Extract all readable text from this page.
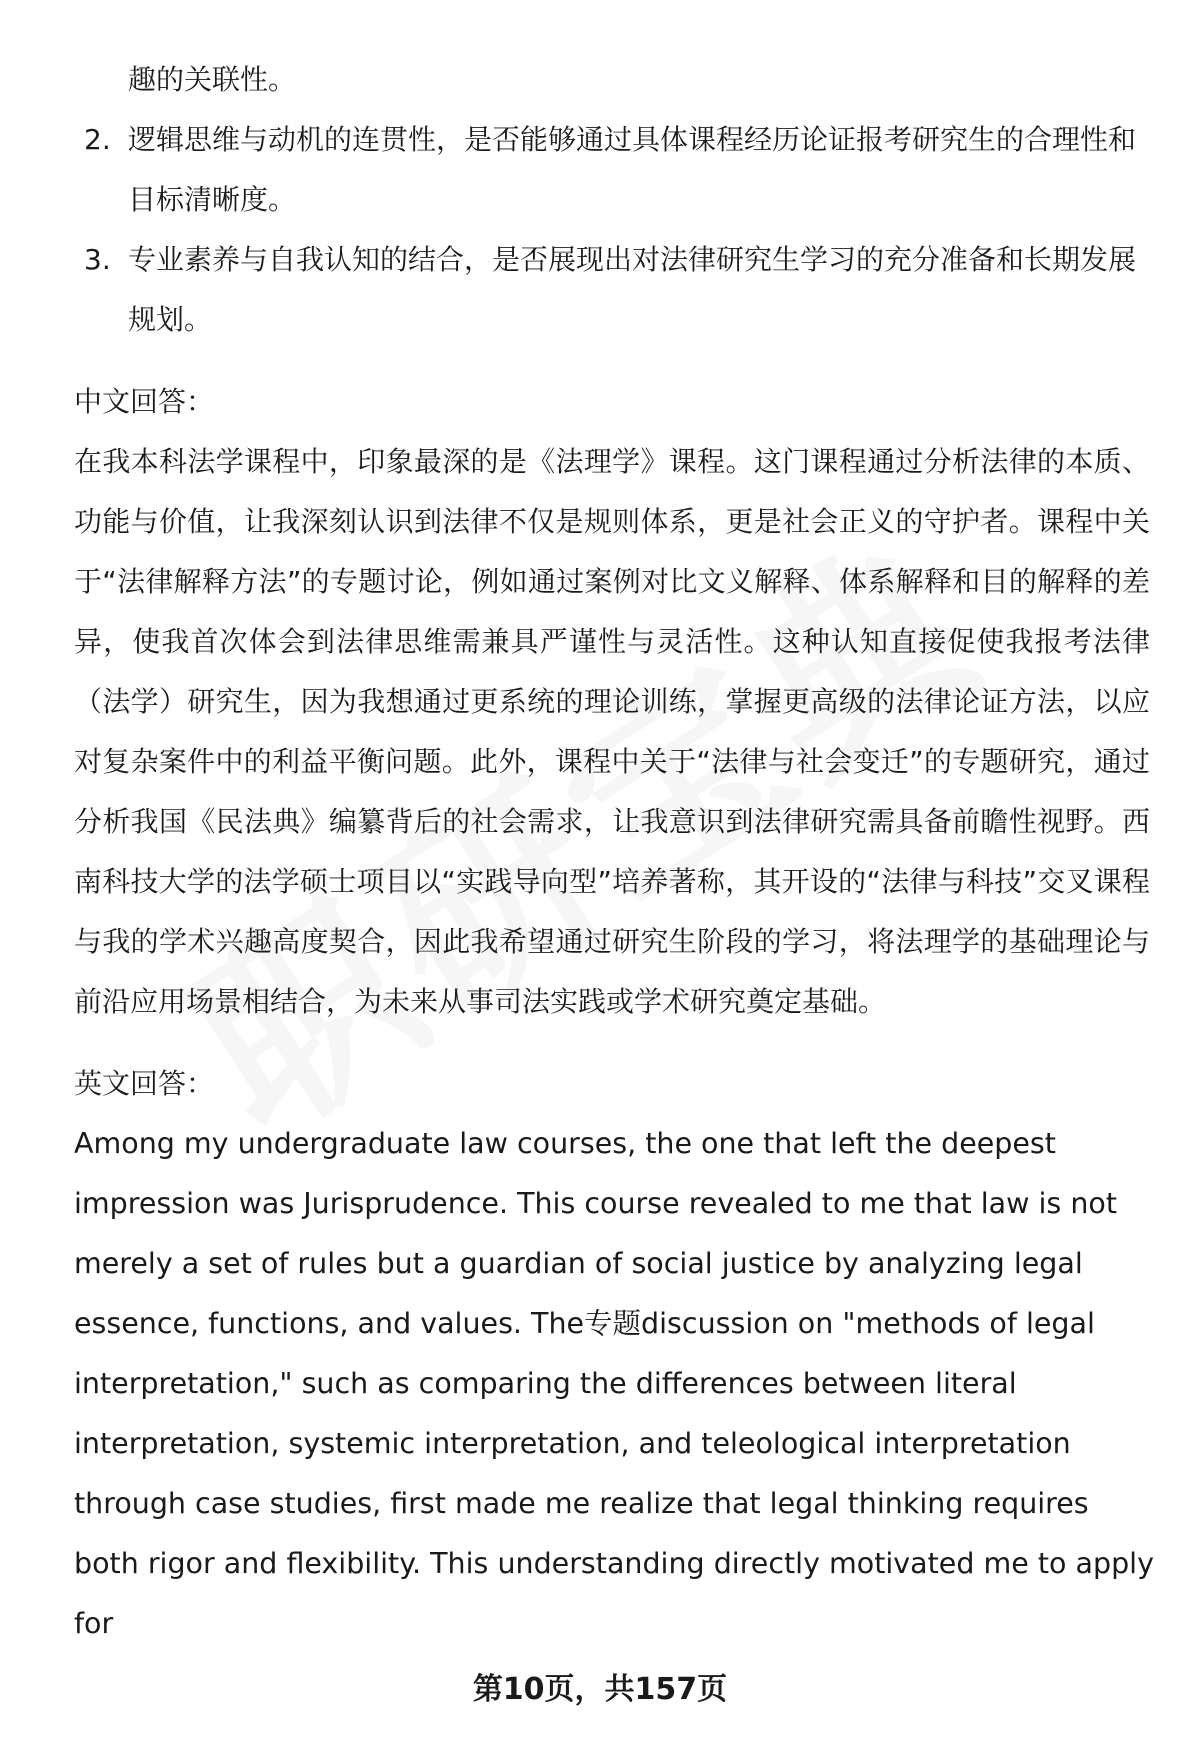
趣的关联性。

2. 逻辑思维与动机的连贯性，是否能够通过具体课程经历论证报考研究生的合理性和目标清晰度。
3. 专业素养与自我认知的结合，是否展现出对法律研究生学习的充分准备和长期发展规划。
中文回答：

在我本科法学课程中，印象最深的是《法理学》课程。这门课程通过分析法律的本质、功能与价值，让我深刻认识到法律不仅是规则体系，更是社会正义的守护者。课程中关于“法律解释方法”的专题讨论，例如通过案例对比文义解释、体系解释和目的解释的差异，使我首次体会到法律思维需兼具严谨性与灵活性。这种认知直接促使我报考法律（法学）研究生，因为我想通过更系统的理论训练，掌握更高级的法律论证方法，以应对复杂案件中的利益平衡问题。此外，课程中关于“法律与社会变迁”的专题研究，通过分析我国《民法典》编纂背后的社会需求，让我意识到法律研究需具备前瞻性视野。西南科技大学的法学硕士项目以“实践导向型”培养著称，其开设的“法律与科技”交叉课程与我的学术兴趣高度契合，因此我希望通过研究生阶段的学习，将法理学的基础理论与前沿应用场景相结合，为未来从事司法实践或学术研究奠定基础。

英文回答：

Among my undergraduate law courses, the one that left the deepest impression was Jurisprudence. This course revealed to me that law is not merely a set of rules but a guardian of social justice by analyzing legal essence, functions, and values. The专题discussion on "methods of legal interpretation," such as comparing the differences between literal interpretation, systemic interpretation, and teleological interpretation through case studies, first made me realize that legal thinking requires both rigor and flexibility. This understanding directly motivated me to apply for

第10页，共157页
